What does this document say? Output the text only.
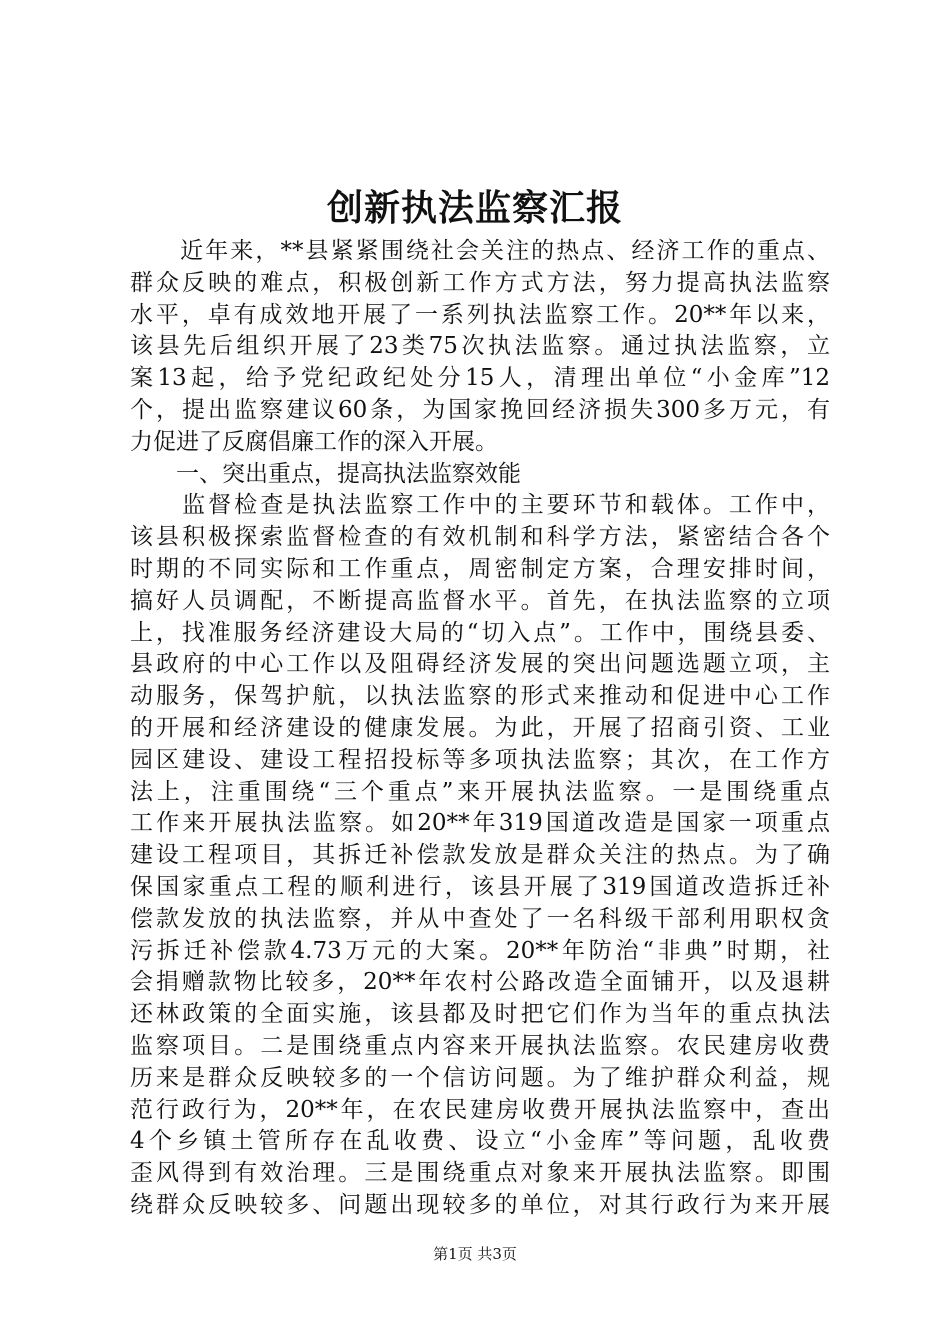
创新执法监察汇报
　　近年来，**县紧紧围绕社会关注的热点、经济工作的重点、
群众反映的难点，积极创新工作方式方法，努力提高执法监察
水平，卓有成效地开展了一系列执法监察工作。20**年以来，
该县先后组织开展了23类75次执法监察。通过执法监察，立
案13起，给予党纪政纪处分15人，清理出单位“小金库”12
个，提出监察建议60条，为国家挽回经济损失300多万元，有
力促进了反腐倡廉工作的深入开展。
　　一、突出重点，提高执法监察效能
　　监督检查是执法监察工作中的主要环节和载体。工作中，
该县积极探索监督检查的有效机制和科学方法，紧密结合各个
时期的不同实际和工作重点，周密制定方案，合理安排时间，
搞好人员调配，不断提高监督水平。首先，在执法监察的立项
上，找准服务经济建设大局的“切入点”。工作中，围绕县委、
县政府的中心工作以及阻碍经济发展的突出问题选题立项，主
动服务，保驾护航，以执法监察的形式来推动和促进中心工作
的开展和经济建设的健康发展。为此，开展了招商引资、工业
园区建设、建设工程招投标等多项执法监察；其次，在工作方
法上，注重围绕“三个重点”来开展执法监察。一是围绕重点
工作来开展执法监察。如20**年319国道改造是国家一项重点
建设工程项目，其拆迁补偿款发放是群众关注的热点。为了确
保国家重点工程的顺利进行，该县开展了319国道改造拆迁补
偿款发放的执法监察，并从中查处了一名科级干部利用职权贪
污拆迁补偿款4.73万元的大案。20**年防治“非典”时期，社
会捐赠款物比较多，20**年农村公路改造全面铺开，以及退耕
还林政策的全面实施，该县都及时把它们作为当年的重点执法
监察项目。二是围绕重点内容来开展执法监察。农民建房收费
历来是群众反映较多的一个信访问题。为了维护群众利益，规
范行政行为，20**年，在农民建房收费开展执法监察中，查出
4个乡镇土管所存在乱收费、设立“小金库”等问题，乱收费
歪风得到有效治理。三是围绕重点对象来开展执法监察。即围
绕群众反映较多、问题出现较多的单位，对其行政行为来开展
第1页 共3页
